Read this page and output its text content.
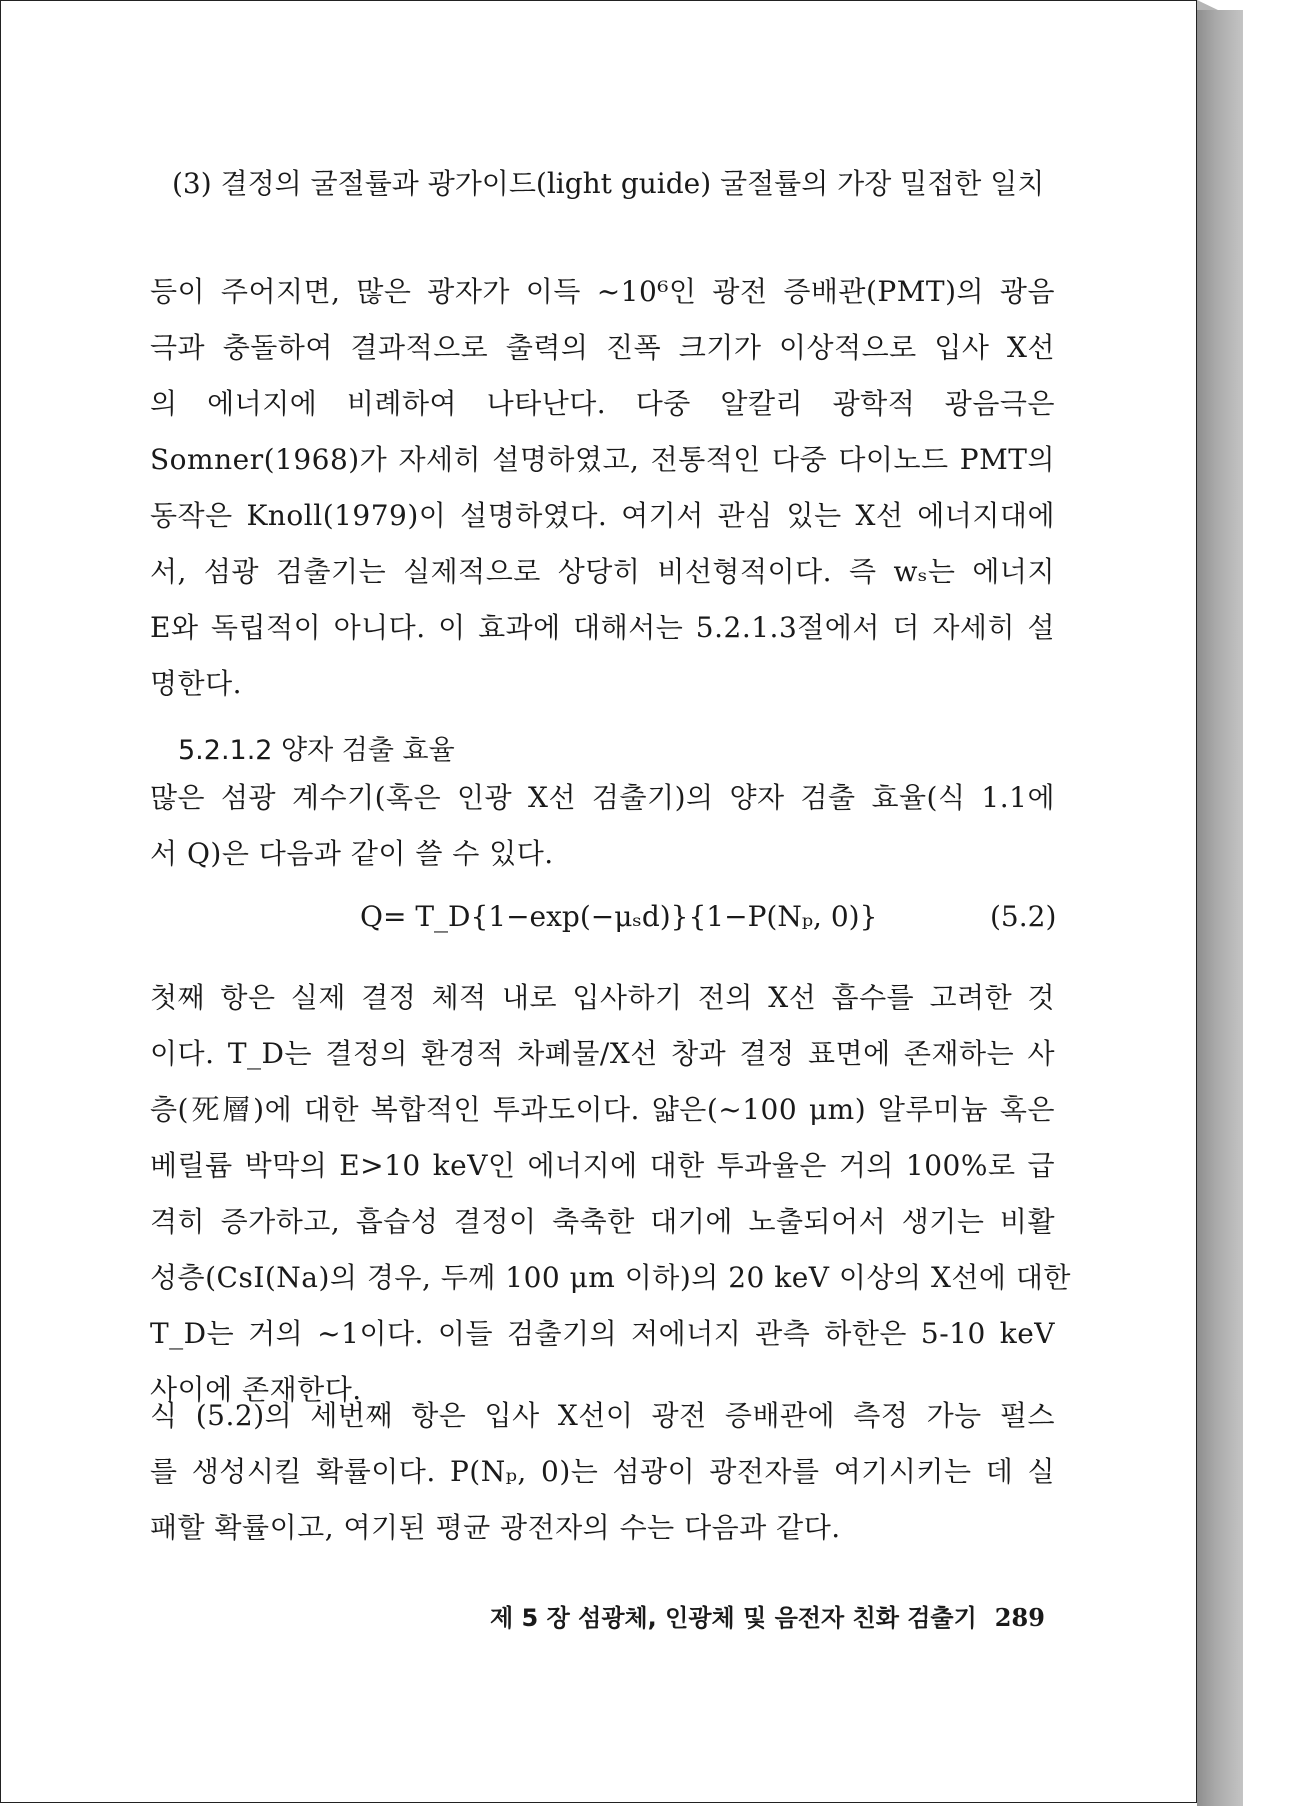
(3) 결정의 굴절률과 광가이드(light guide) 굴절률의 가장 밀접한 일치
등이 주어지면, 많은 광자가 이득 ~10⁶인 광전 증배관(PMT)의 광음
극과 충돌하여 결과적으로 출력의 진폭 크기가 이상적으로 입사 X선
의 에너지에 비례하여 나타난다. 다중 알칼리 광학적 광음극은
Somner(1968)가 자세히 설명하였고, 전통적인 다중 다이노드 PMT의
동작은 Knoll(1979)이 설명하였다. 여기서 관심 있는 X선 에너지대에
서, 섬광 검출기는 실제적으로 상당히 비선형적이다. 즉 wₛ는 에너지
E와 독립적이 아니다. 이 효과에 대해서는 5.2.1.3절에서 더 자세히 설
명한다.
5.2.1.2 양자 검출 효율
많은 섬광 계수기(혹은 인광 X선 검출기)의 양자 검출 효율(식 1.1에
서 Q)은 다음과 같이 쓸 수 있다.
Q= T_D{1−exp(−μₛd)}{1−P(Nₚ, 0)}	(5.2)
첫째 항은 실제 결정 체적 내로 입사하기 전의 X선 흡수를 고려한 것
이다. T_D는 결정의 환경적 차폐물/X선 창과 결정 표면에 존재하는 사
층(死層)에 대한 복합적인 투과도이다. 얇은(~100 μm) 알루미늄 혹은
베릴륨 박막의 E>10 keV인 에너지에 대한 투과율은 거의 100%로 급
격히 증가하고, 흡습성 결정이 축축한 대기에 노출되어서 생기는 비활
성층(CsI(Na)의 경우, 두께 100 μm 이하)의 20 keV 이상의 X선에 대한
T_D는 거의 ~1이다. 이들 검출기의 저에너지 관측 하한은 5-10 keV
사이에 존재한다.
식 (5.2)의 세번째 항은 입사 X선이 광전 증배관에 측정 가능 펄스
를 생성시킬 확률이다. P(Nₚ, 0)는 섬광이 광전자를 여기시키는 데 실
패할 확률이고, 여기된 평균 광전자의 수는 다음과 같다.
제 5 장 섬광체, 인광체 및 음전자 친화 검출기 289
